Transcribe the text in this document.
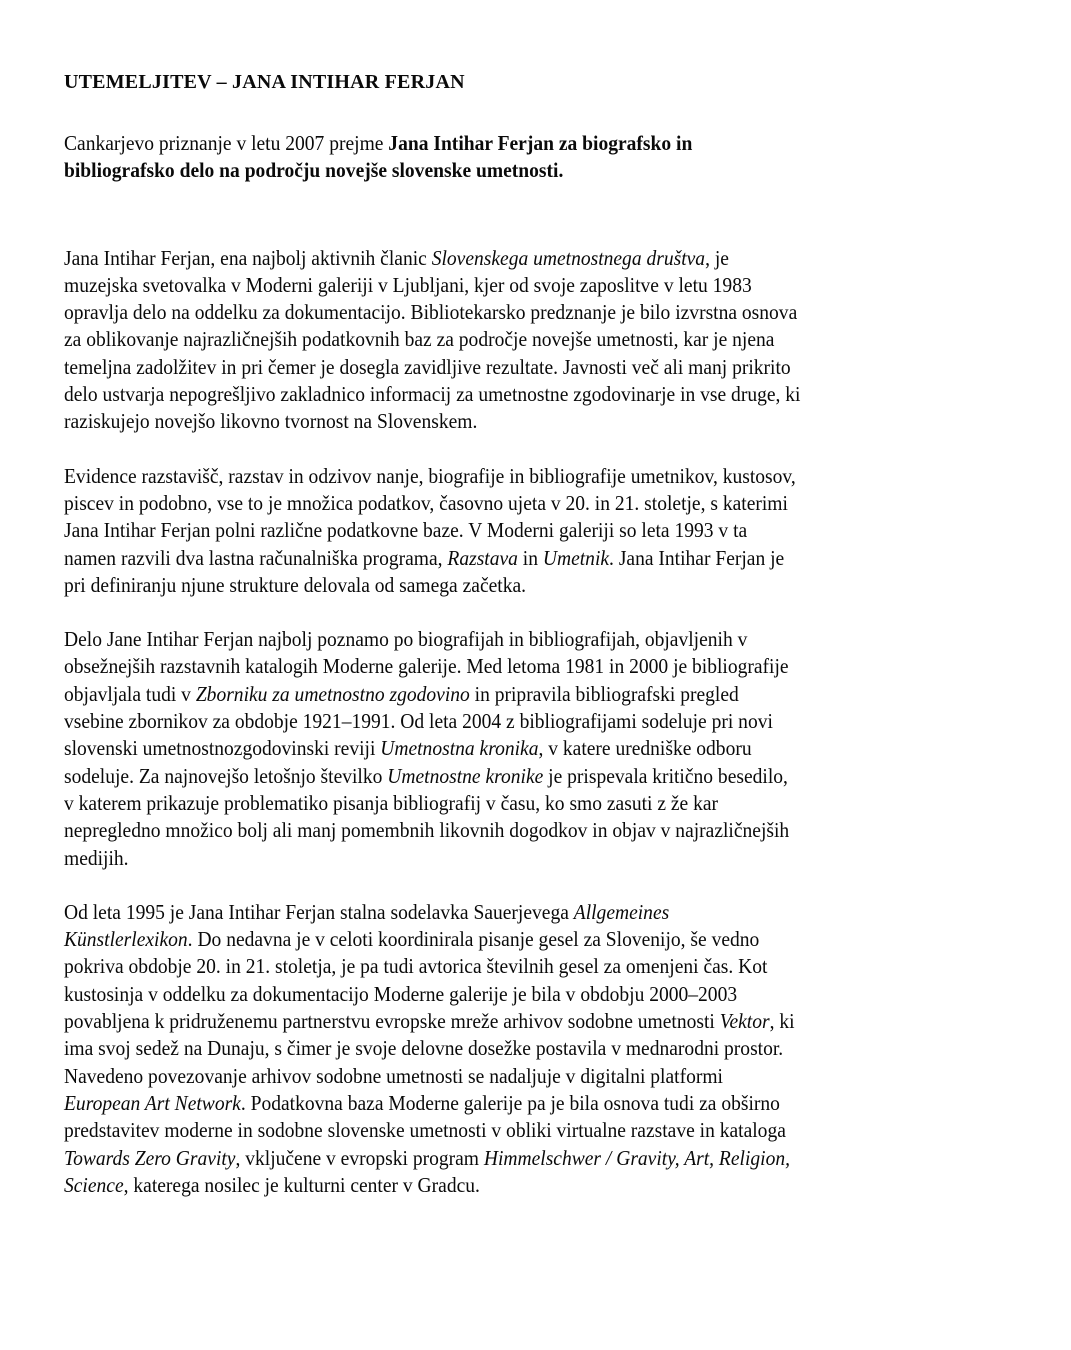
UTEMELJITEV – JANA INTIHAR FERJAN
Cankarjevo priznanje v letu 2007 prejme Jana Intihar Ferjan za biografsko in
bibliografsko delo na področju novejše slovenske umetnosti.
Jana Intihar Ferjan, ena najbolj aktivnih članic Slovenskega umetnostnega društva, je
muzejska svetovalka v Moderni galeriji v Ljubljani, kjer od svoje zaposlitve v letu 1983
opravlja delo na oddelku za dokumentacijo. Bibliotekarsko predznanje je bilo izvrstna osnova
za oblikovanje najrazličnejših podatkovnih baz za področje novejše umetnosti, kar je njena
temeljna zadolžitev in pri čemer je dosegla zavidljive rezultate. Javnosti več ali manj prikrito
delo ustvarja nepogrešljivo zakladnico informacij za umetnostne zgodovinarje in vse druge, ki
raziskujejo novejšo likovno tvornost na Slovenskem.
Evidence razstavišč, razstav in odzivov nanje, biografije in bibliografije umetnikov, kustosov,
piscev in podobno, vse to je množica podatkov, časovno ujeta v 20. in 21. stoletje, s katerimi
Jana Intihar Ferjan polni različne podatkovne baze. V Moderni galeriji so leta 1993 v ta
namen razvili dva lastna računalniška programa, Razstava in Umetnik. Jana Intihar Ferjan je
pri definiranju njune strukture delovala od samega začetka.
Delo Jane Intihar Ferjan najbolj poznamo po biografijah in bibliografijah, objavljenih v
obsežnejših razstavnih katalogih Moderne galerije. Med letoma 1981 in 2000 je bibliografije
objavljala tudi v Zborniku za umetnostno zgodovino in pripravila bibliografski pregled
vsebine zbornikov za obdobje 1921–1991. Od leta 2004 z bibliografijami sodeluje pri novi
slovenski umetnostnozgodovinski reviji Umetnostna kronika, v katere uredniške odboru
sodeluje. Za najnovejšo letošnjo številko Umetnostne kronike je prispevala kritično besedilo,
v katerem prikazuje problematiko pisanja bibliografij v času, ko smo zasuti z že kar
nepregledno množico bolj ali manj pomembnih likovnih dogodkov in objav v najrazličnejših
medijih.
Od leta 1995 je Jana Intihar Ferjan stalna sodelavka Sauerjevega Allgemeines
Künstlerlexikon. Do nedavna je v celoti koordinirala pisanje gesel za Slovenijo, še vedno
pokriva obdobje 20. in 21. stoletja, je pa tudi avtorica številnih gesel za omenjeni čas. Kot
kustosinja v oddelku za dokumentacijo Moderne galerije je bila v obdobju 2000–2003
povabljena k pridruženemu partnerstvu evropske mreže arhivov sodobne umetnosti Vektor, ki
ima svoj sedež na Dunaju, s čimer je svoje delovne dosežke postavila v mednarodni prostor.
Navedeno povezovanje arhivov sodobne umetnosti se nadaljuje v digitalni platformi
European Art Network. Podatkovna baza Moderne galerije pa je bila osnova tudi za obširno
predstavitev moderne in sodobne slovenske umetnosti v obliki virtualne razstave in kataloga
Towards Zero Gravity, vključene v evropski program Himmelschwer / Gravity, Art, Religion,
Science, katerega nosilec je kulturni center v Gradcu.
